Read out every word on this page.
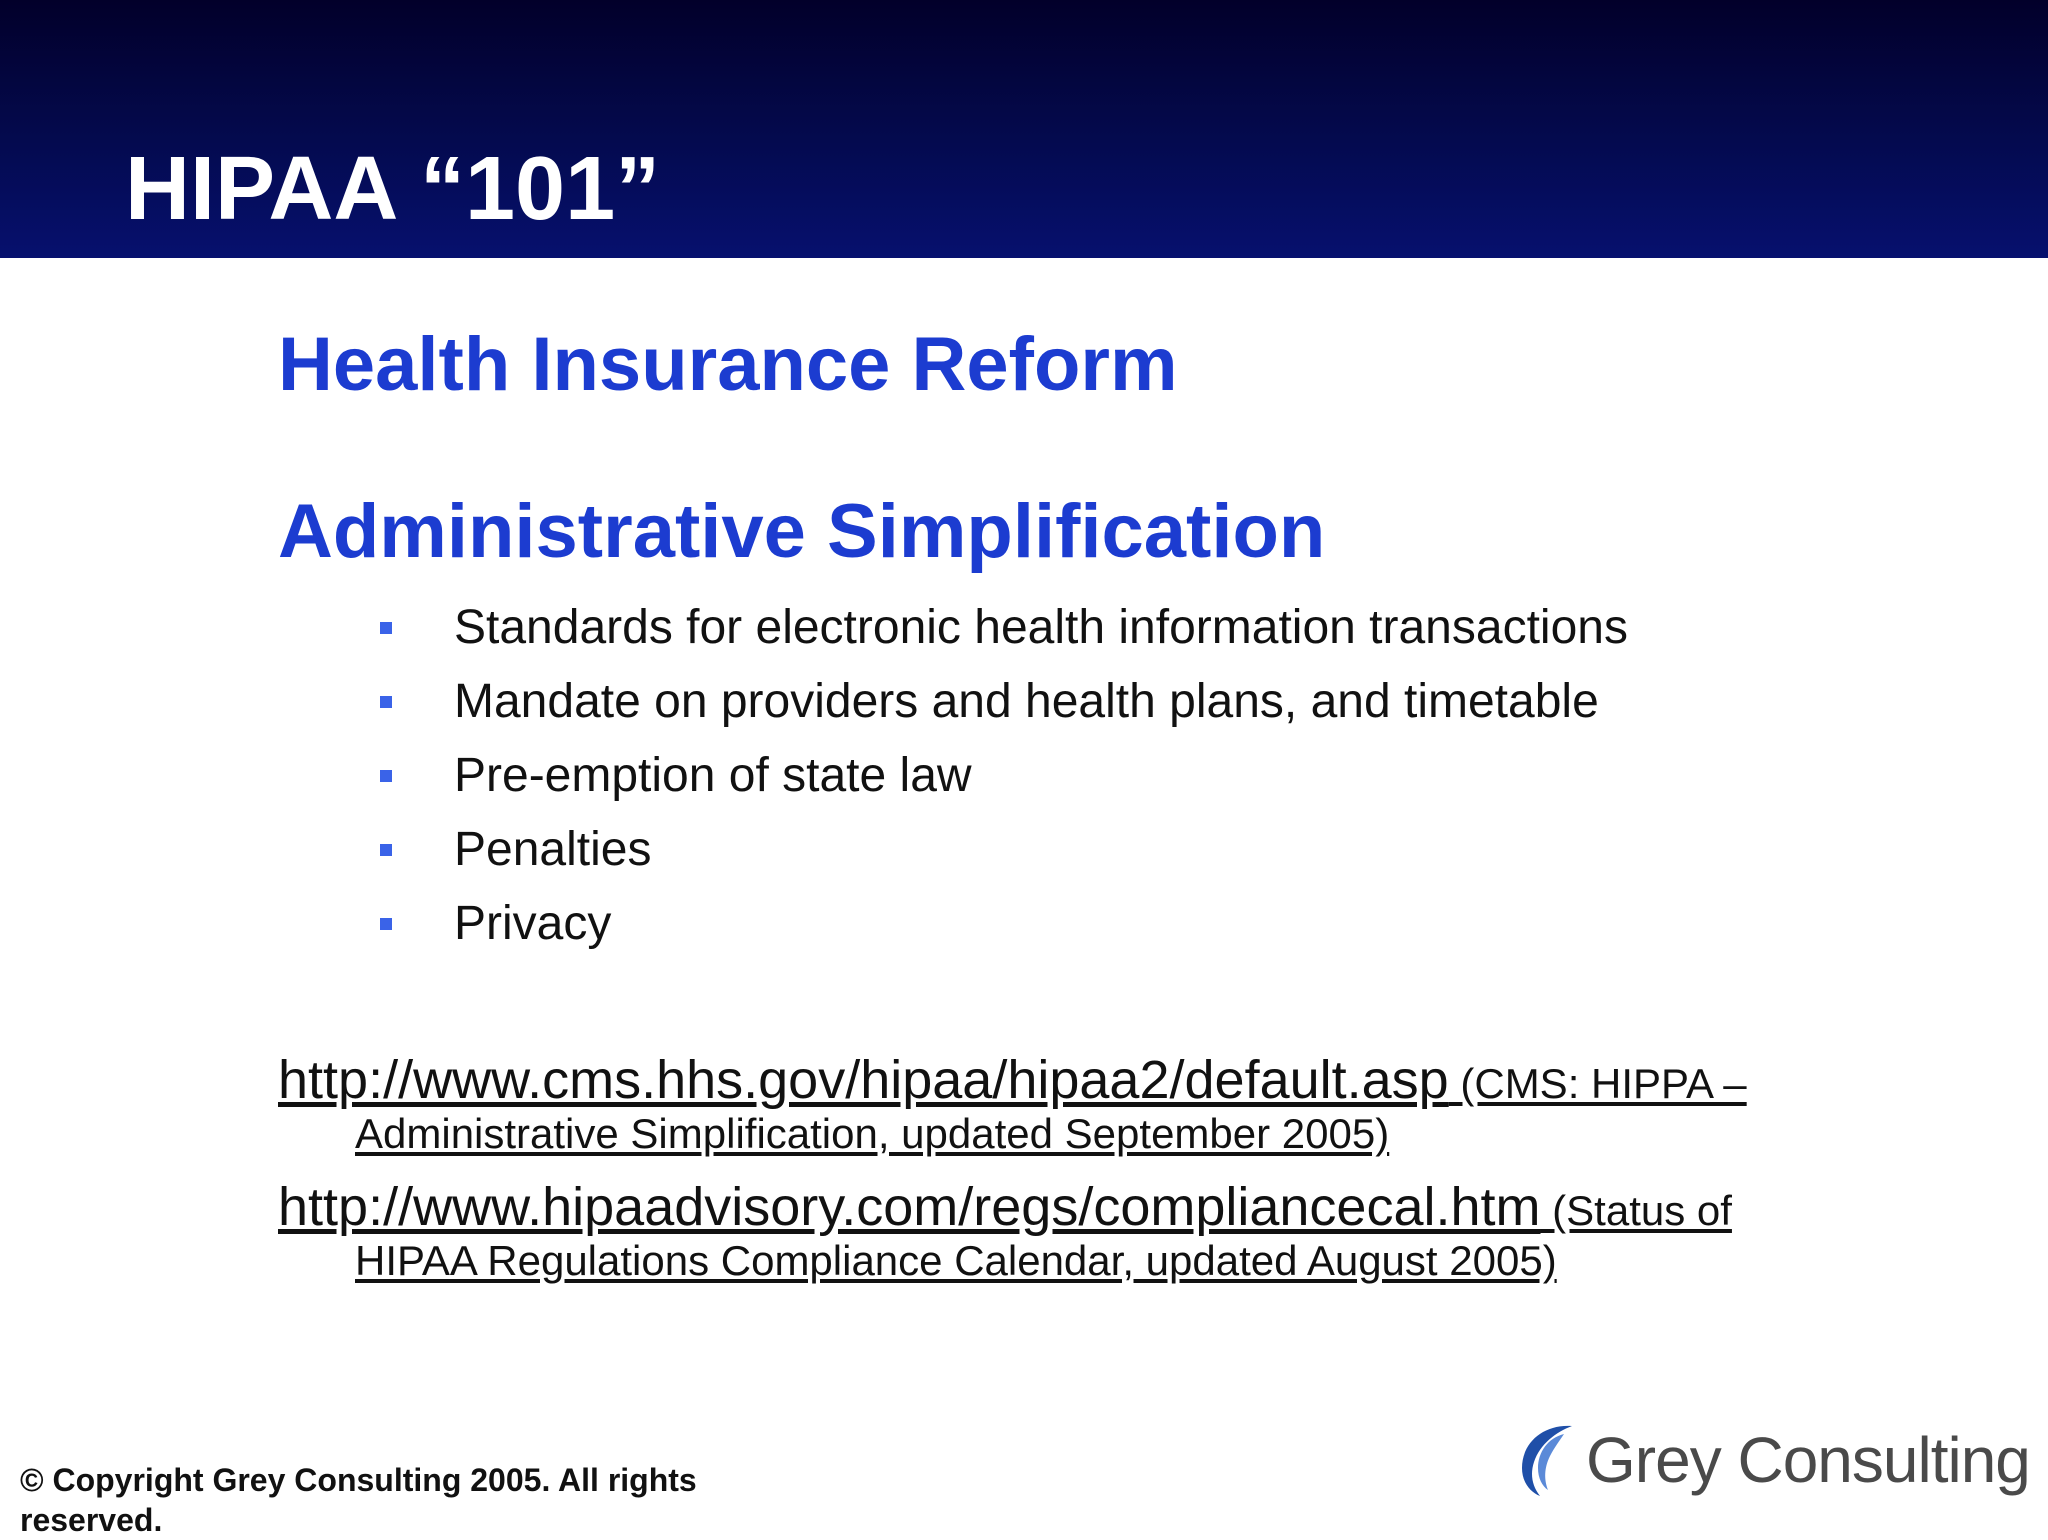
HIPAA “101”
Health Insurance Reform
Administrative Simplification
Standards for electronic health information transactions
Mandate on providers and health plans, and timetable
Pre-emption of state law
Penalties
Privacy
http://www.cms.hhs.gov/hipaa/hipaa2/default.asp (CMS: HIPPA –
Administrative Simplification, updated September 2005)
http://www.hipaadvisory.com/regs/compliancecal.htm (Status of
HIPAA Regulations Compliance Calendar, updated August 2005)
© Copyright Grey Consulting 2005. All rights reserved.
Grey Consulting
